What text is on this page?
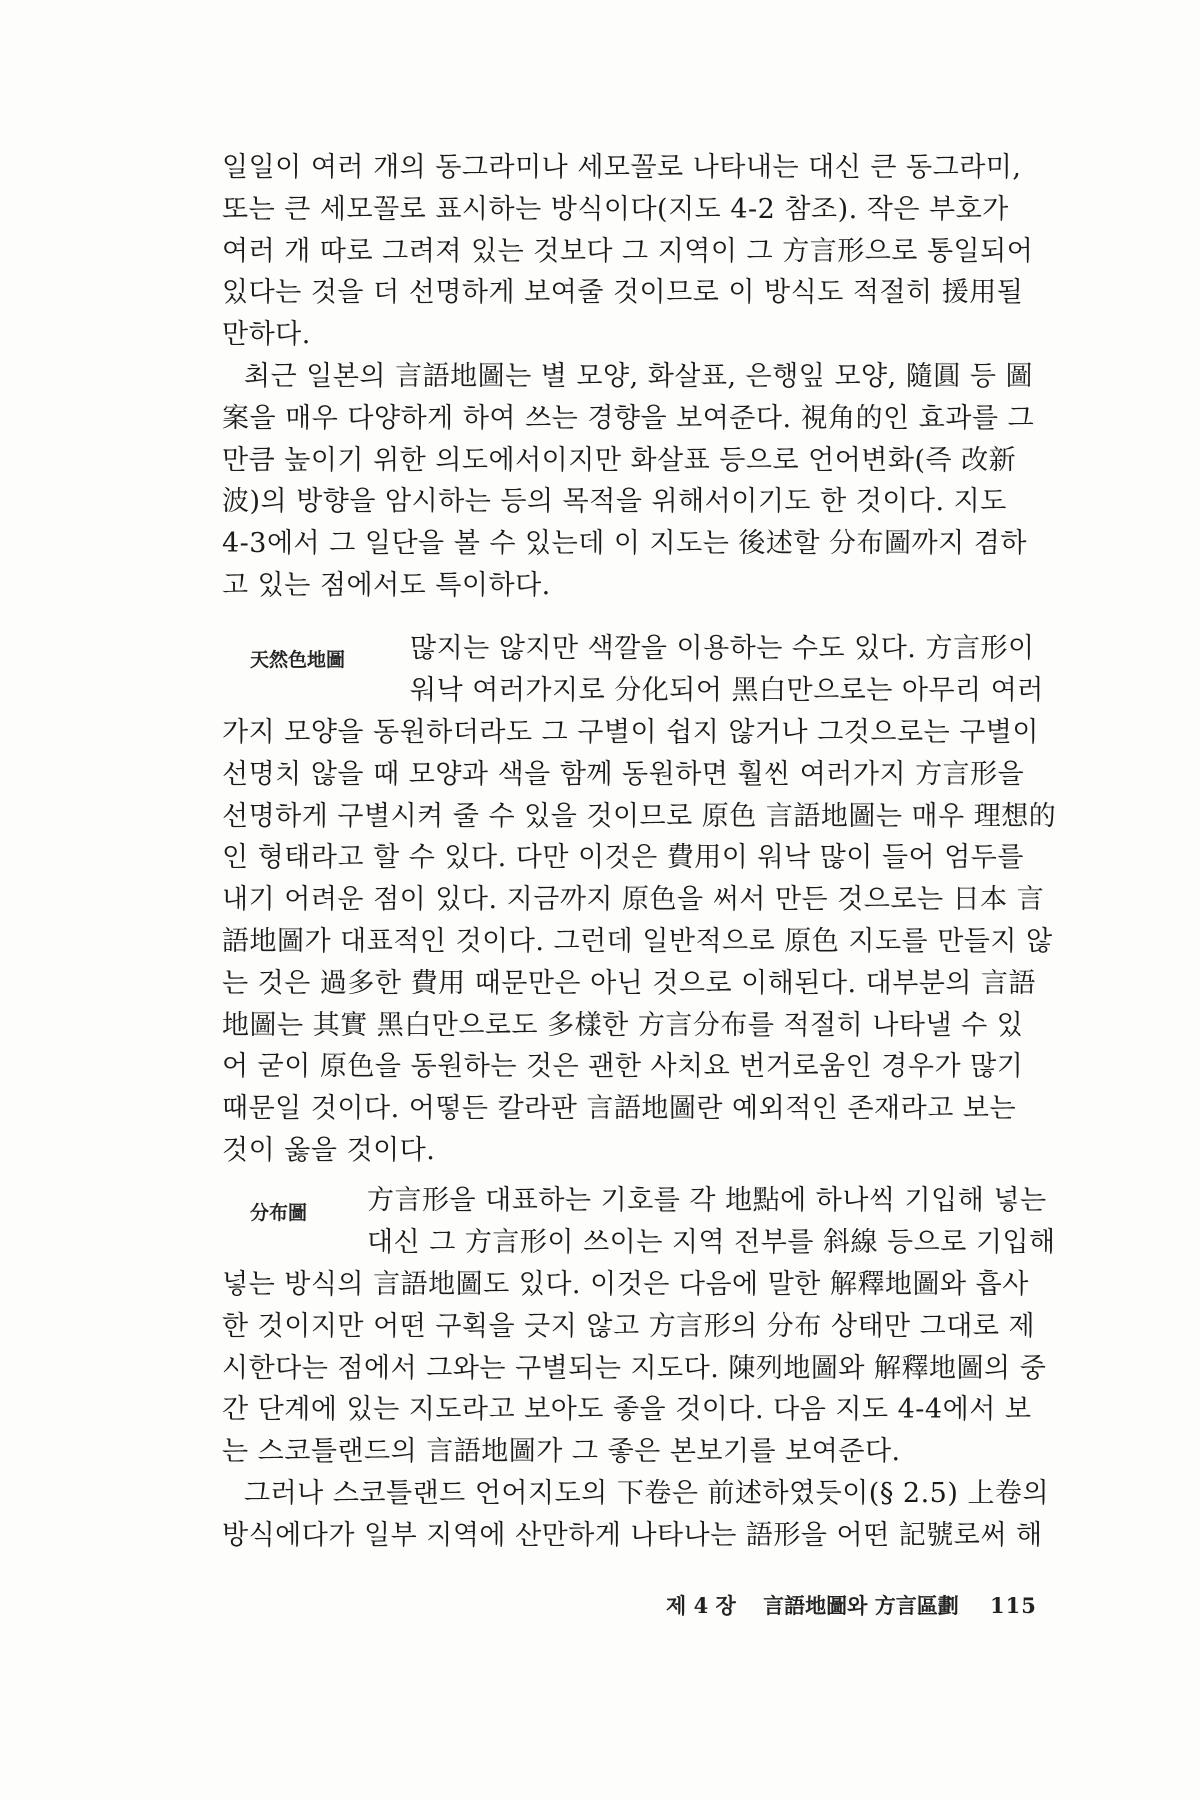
일일이 여러 개의 동그라미나 세모꼴로 나타내는 대신 큰 동그라미,
또는 큰 세모꼴로 표시하는 방식이다(지도 4-2 참조). 작은 부호가
여러 개 따로 그려져 있는 것보다 그 지역이 그 方言形으로 통일되어
있다는 것을 더 선명하게 보여줄 것이므로 이 방식도 적절히 援用될
만하다.
최근 일본의 言語地圖는 별 모양, 화살표, 은행잎 모양, 隨圓 등 圖
案을 매우 다양하게 하여 쓰는 경향을 보여준다. 視角的인 효과를 그
만큼 높이기 위한 의도에서이지만 화살표 등으로 언어변화(즉 改新
波)의 방향을 암시하는 등의 목적을 위해서이기도 한 것이다. 지도
4-3에서 그 일단을 볼 수 있는데 이 지도는 後述할 分布圖까지 겸하
고 있는 점에서도 특이하다.
天然色地圖 많지는 않지만 색깔을 이용하는 수도 있다. 方言形이
워낙 여러가지로 分化되어 黑白만으로는 아무리 여러
가지 모양을 동원하더라도 그 구별이 쉽지 않거나 그것으로는 구별이
선명치 않을 때 모양과 색을 함께 동원하면 훨씬 여러가지 方言形을
선명하게 구별시켜 줄 수 있을 것이므로 原色 言語地圖는 매우 理想的
인 형태라고 할 수 있다. 다만 이것은 費用이 워낙 많이 들어 엄두를
내기 어려운 점이 있다. 지금까지 原色을 써서 만든 것으로는 日本 言
語地圖가 대표적인 것이다. 그런데 일반적으로 原色 지도를 만들지 않
는 것은 過多한 費用 때문만은 아닌 것으로 이해된다. 대부분의 言語
地圖는 其實 黑白만으로도 多樣한 方言分布를 적절히 나타낼 수 있
어 굳이 原色을 동원하는 것은 괜한 사치요 번거로움인 경우가 많기
때문일 것이다. 어떻든 칼라판 言語地圖란 예외적인 존재라고 보는
것이 옳을 것이다.
分布圖 方言形을 대표하는 기호를 각 地點에 하나씩 기입해 넣는
대신 그 方言形이 쓰이는 지역 전부를 斜線 등으로 기입해
넣는 방식의 言語地圖도 있다. 이것은 다음에 말한 解釋地圖와 흡사
한 것이지만 어떤 구획을 긋지 않고 方言形의 分布 상태만 그대로 제
시한다는 점에서 그와는 구별되는 지도다. 陳列地圖와 解釋地圖의 중
간 단계에 있는 지도라고 보아도 좋을 것이다. 다음 지도 4-4에서 보
는 스코틀랜드의 言語地圖가 그 좋은 본보기를 보여준다.
그러나 스코틀랜드 언어지도의 下卷은 前述하였듯이(§ 2.5) 上卷의
방식에다가 일부 지역에 산만하게 나타나는 語形을 어떤 記號로써 해
제 4 장 言語地圖와 方言區劃 115
